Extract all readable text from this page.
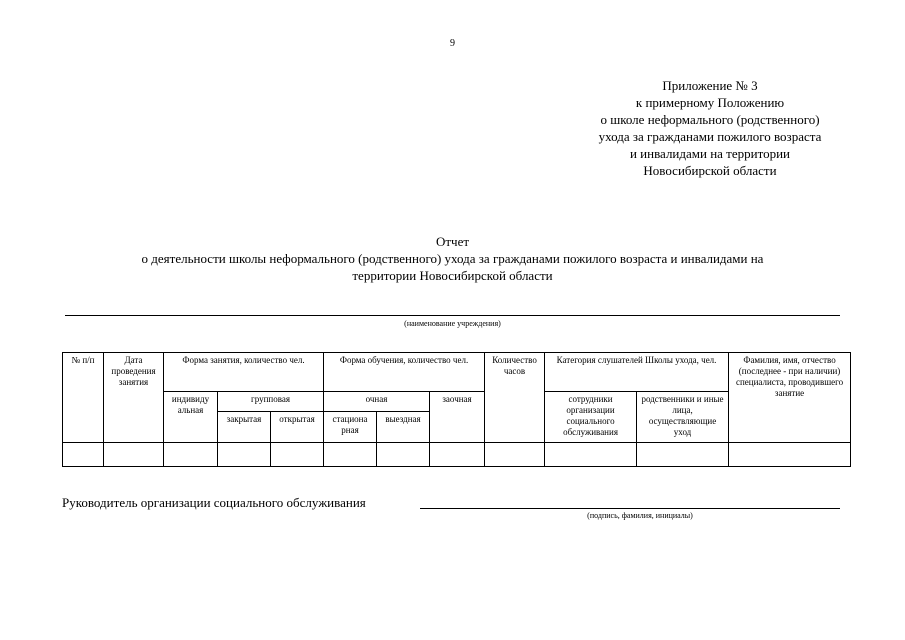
9
Приложение № 3
к примерному Положению
о школе неформального (родственного)
ухода за гражданами пожилого возраста
и инвалидами на территории
Новосибирской области
Отчет
о деятельности школы неформального (родственного) ухода за гражданами пожилого возраста и инвалидами на
территории Новосибирской области
(наименование учреждения)
№ п/п	Дата проведения занятия	Форма занятия, количество чел.			Форма обучения, количество чел.			Количество часов	Категория слушателей Школы ухода, чел.		Фамилия, имя, отчество (последнее - при наличии) специалиста, проводившего занятие
		индивиду альная	групповая		очная		заочная		сотрудники организации социального обслуживания	родственники и иные лица, осуществляющие уход	
			закрытая	открытая	стациона рная	выездная					

Руководитель организации социального обслуживания
(подпись, фамилия, инициалы)
